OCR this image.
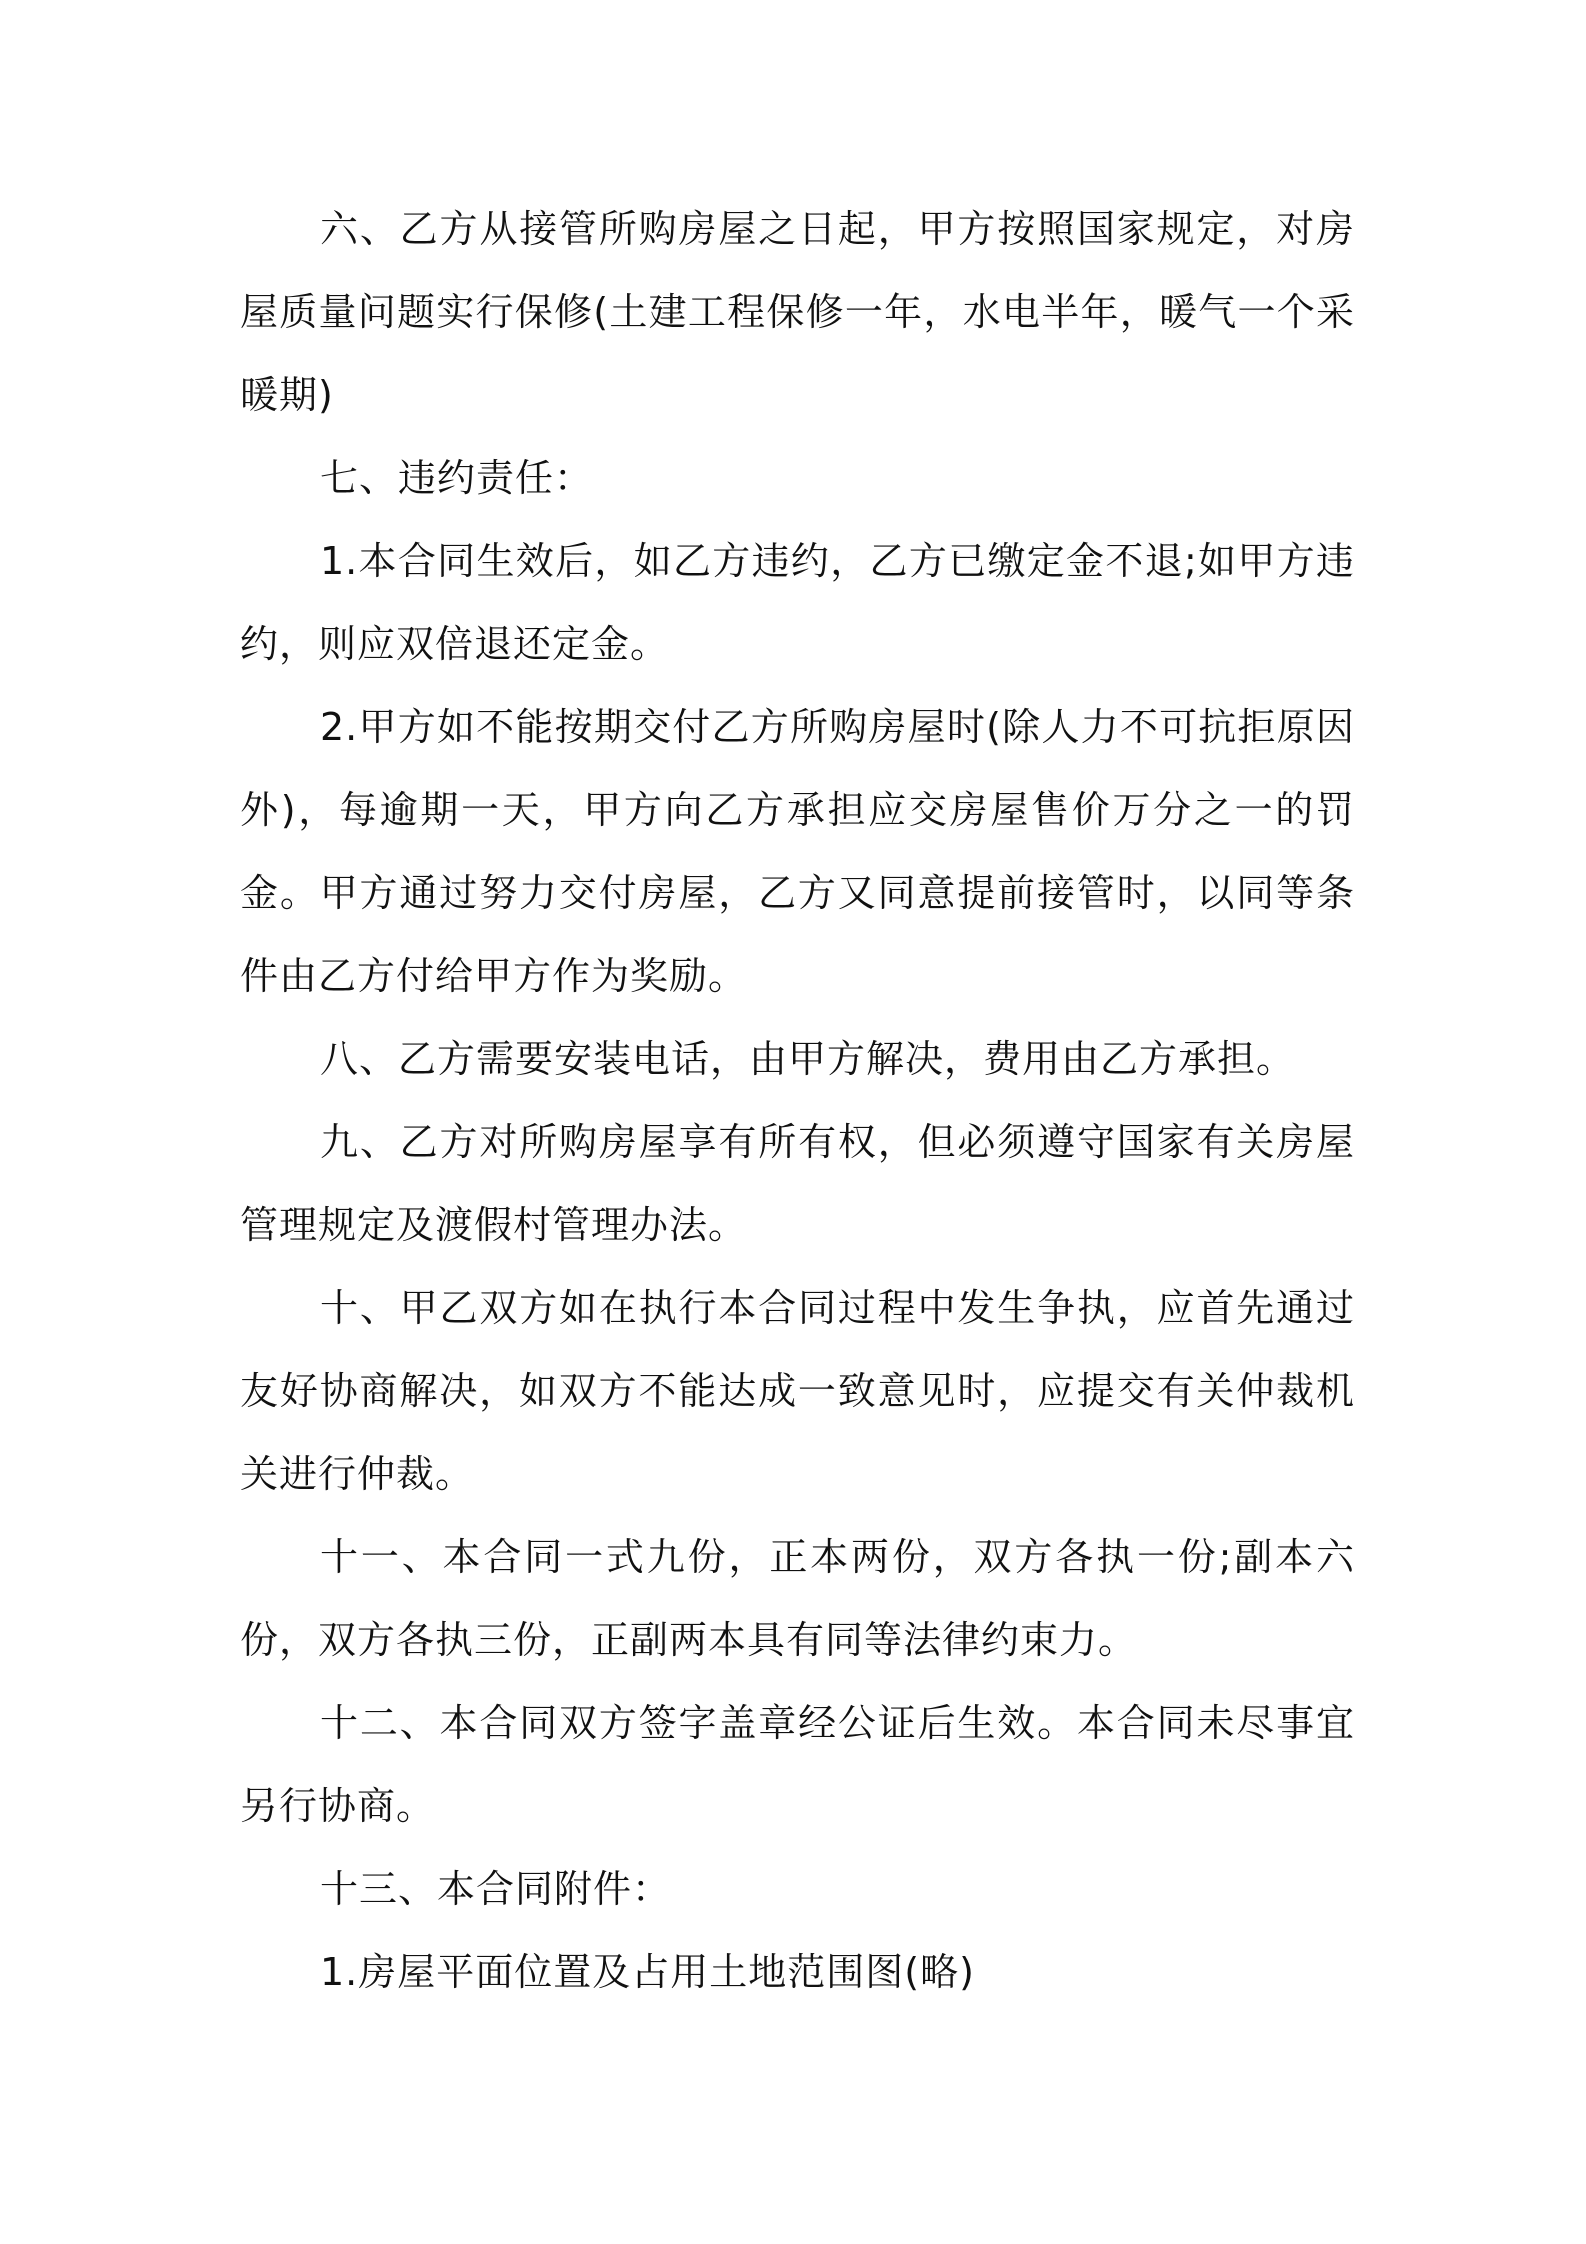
六、乙方从接管所购房屋之日起，甲方按照国家规定，对房屋质量问题实行保修(土建工程保修一年，水电半年，暖气一个采暖期)

七、违约责任：

1.本合同生效后，如乙方违约，乙方已缴定金不退;如甲方违约，则应双倍退还定金。

2.甲方如不能按期交付乙方所购房屋时(除人力不可抗拒原因外)，每逾期一天，甲方向乙方承担应交房屋售价万分之一的罚金。甲方通过努力交付房屋，乙方又同意提前接管时，以同等条件由乙方付给甲方作为奖励。

八、乙方需要安装电话，由甲方解决，费用由乙方承担。

九、乙方对所购房屋享有所有权，但必须遵守国家有关房屋管理规定及渡假村管理办法。

十、甲乙双方如在执行本合同过程中发生争执，应首先通过友好协商解决，如双方不能达成一致意见时，应提交有关仲裁机关进行仲裁。

十一、本合同一式九份，正本两份，双方各执一份;副本六份，双方各执三份，正副两本具有同等法律约束力。

十二、本合同双方签字盖章经公证后生效。本合同未尽事宜另行协商。

十三、本合同附件：

1.房屋平面位置及占用土地范围图(略)
